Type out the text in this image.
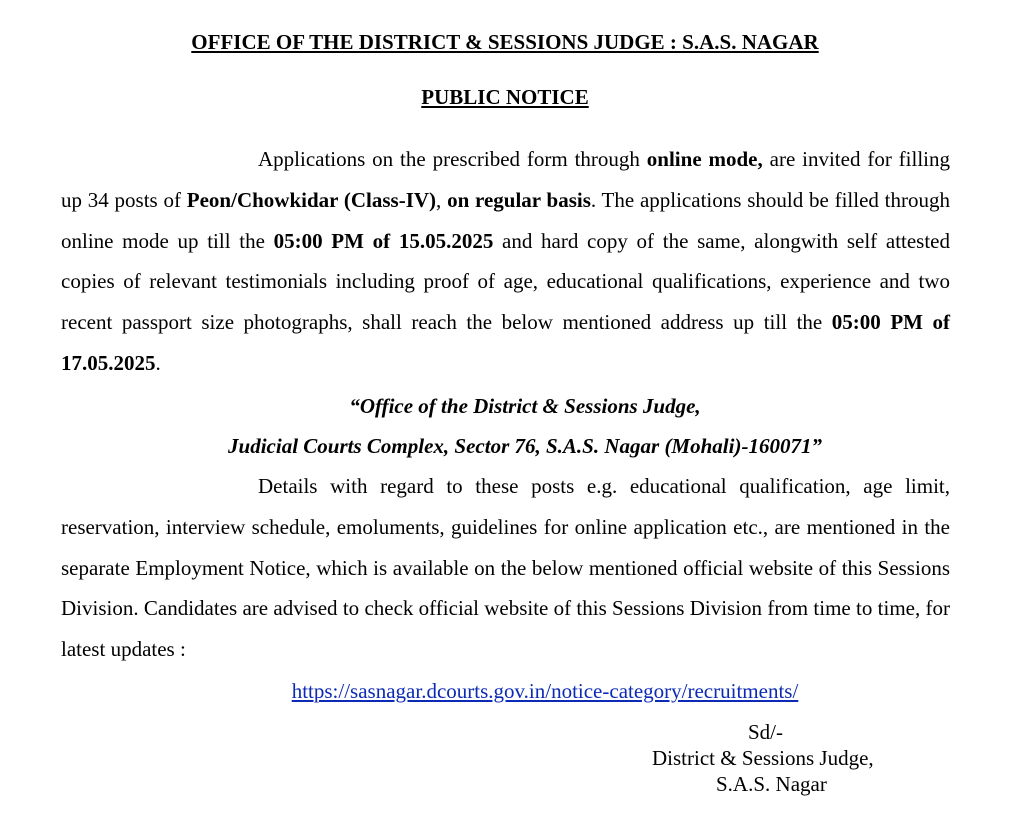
OFFICE OF THE DISTRICT & SESSIONS JUDGE : S.A.S. NAGAR
PUBLIC NOTICE
Applications on the prescribed form through online mode, are invited for filling up 34 posts of Peon/Chowkidar (Class-IV), on regular basis. The applications should be filled through online mode up till the 05:00 PM of 15.05.2025 and hard copy of the same, alongwith self attested copies of relevant testimonials including proof of age, educational qualifications, experience and two recent passport size photographs, shall reach the below mentioned address up till the 05:00 PM of 17.05.2025.
“Office of the District & Sessions Judge,
Judicial Courts Complex, Sector 76, S.A.S. Nagar (Mohali)-160071”
Details with regard to these posts e.g. educational qualification, age limit, reservation, interview schedule, emoluments, guidelines for online application etc., are mentioned in the separate Employment Notice, which is available on the below mentioned official website of this Sessions Division. Candidates are advised to check official website of this Sessions Division from time to time, for latest updates :
https://sasnagar.dcourts.gov.in/notice-category/recruitments/
Sd/-
District & Sessions Judge,
S.A.S. Nagar
